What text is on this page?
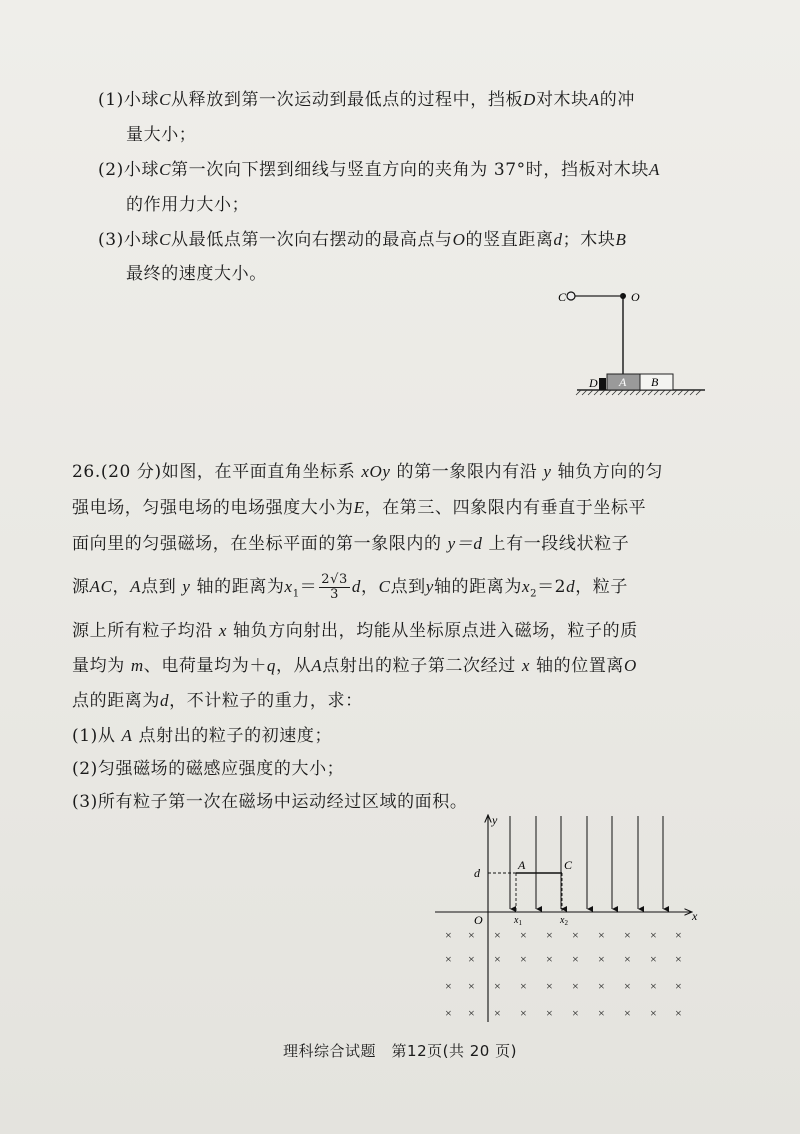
(1)小球C从释放到第一次运动到最低点的过程中，挡板D对木块A的冲
量大小；
(2)小球C第一次向下摆到细线与竖直方向的夹角为 37°时，挡板对木块A
的作用力大小；
(3)小球C从最低点第一次向右摆动的最高点与O的竖直距离d；木块B
最终的速度大小。
D A B
O
C
26.(20 分)如图，在平面直角坐标系 xOy 的第一象限内有沿 y 轴负方向的匀
强电场，匀强电场的电场强度大小为E，在第三、四象限内有垂直于坐标平
面向里的匀强磁场，在坐标平面的第一象限内的 y＝d 上有一段线状粒子
源AC，A点到 y 轴的距离为$x_1= \frac{2√3}{3}$ d，C点到y轴的距离为$x_2=2d$，粒子
源上所有粒子均沿 x 轴负方向射出，均能从坐标原点进入磁场，粒子的质
量均为 m、电荷量均为＋q，从A点射出的粒子第二次经过 x 轴的位置离O
点的距离为d，不计粒子的重力，求：
(1)从 A 点射出的粒子的初速度；
(2)匀强磁场的磁感应强度的大小；
(3)所有粒子第一次在磁场中运动经过区域的面积。
y
x
O
d
A	C
$x_1$	$x_2$
× × × × × × × × × ×
× × × × × × × × × ×
× × × × × × × × × ×
× × × × × × × × × ×
理科综合试题　第12页(共 20 页)
